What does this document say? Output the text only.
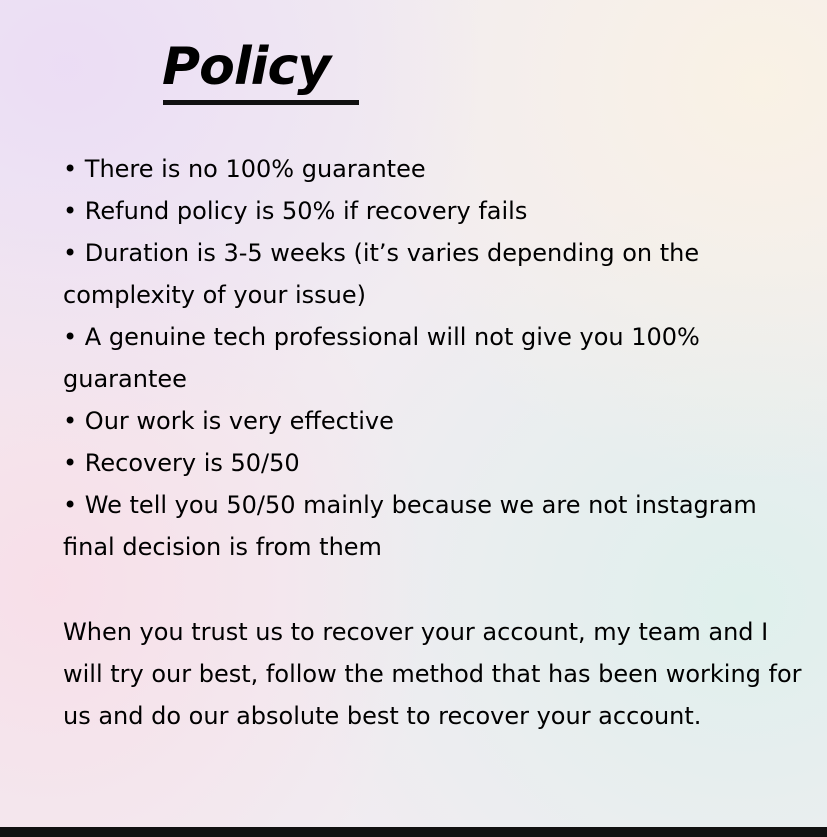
Policy
• There is no 100% guarantee
• Refund policy is 50% if recovery fails
• Duration is 3-5 weeks (it’s varies depending on the complexity of your issue)
• A genuine tech professional will not give you 100% guarantee
• Our work is very effective
• Recovery is 50/50
• We tell you 50/50 mainly because we are not instagram final decision is from them

When you trust us to recover your account, my team and I will try our best, follow the method that has been working for us and do our absolute best to recover your account.
